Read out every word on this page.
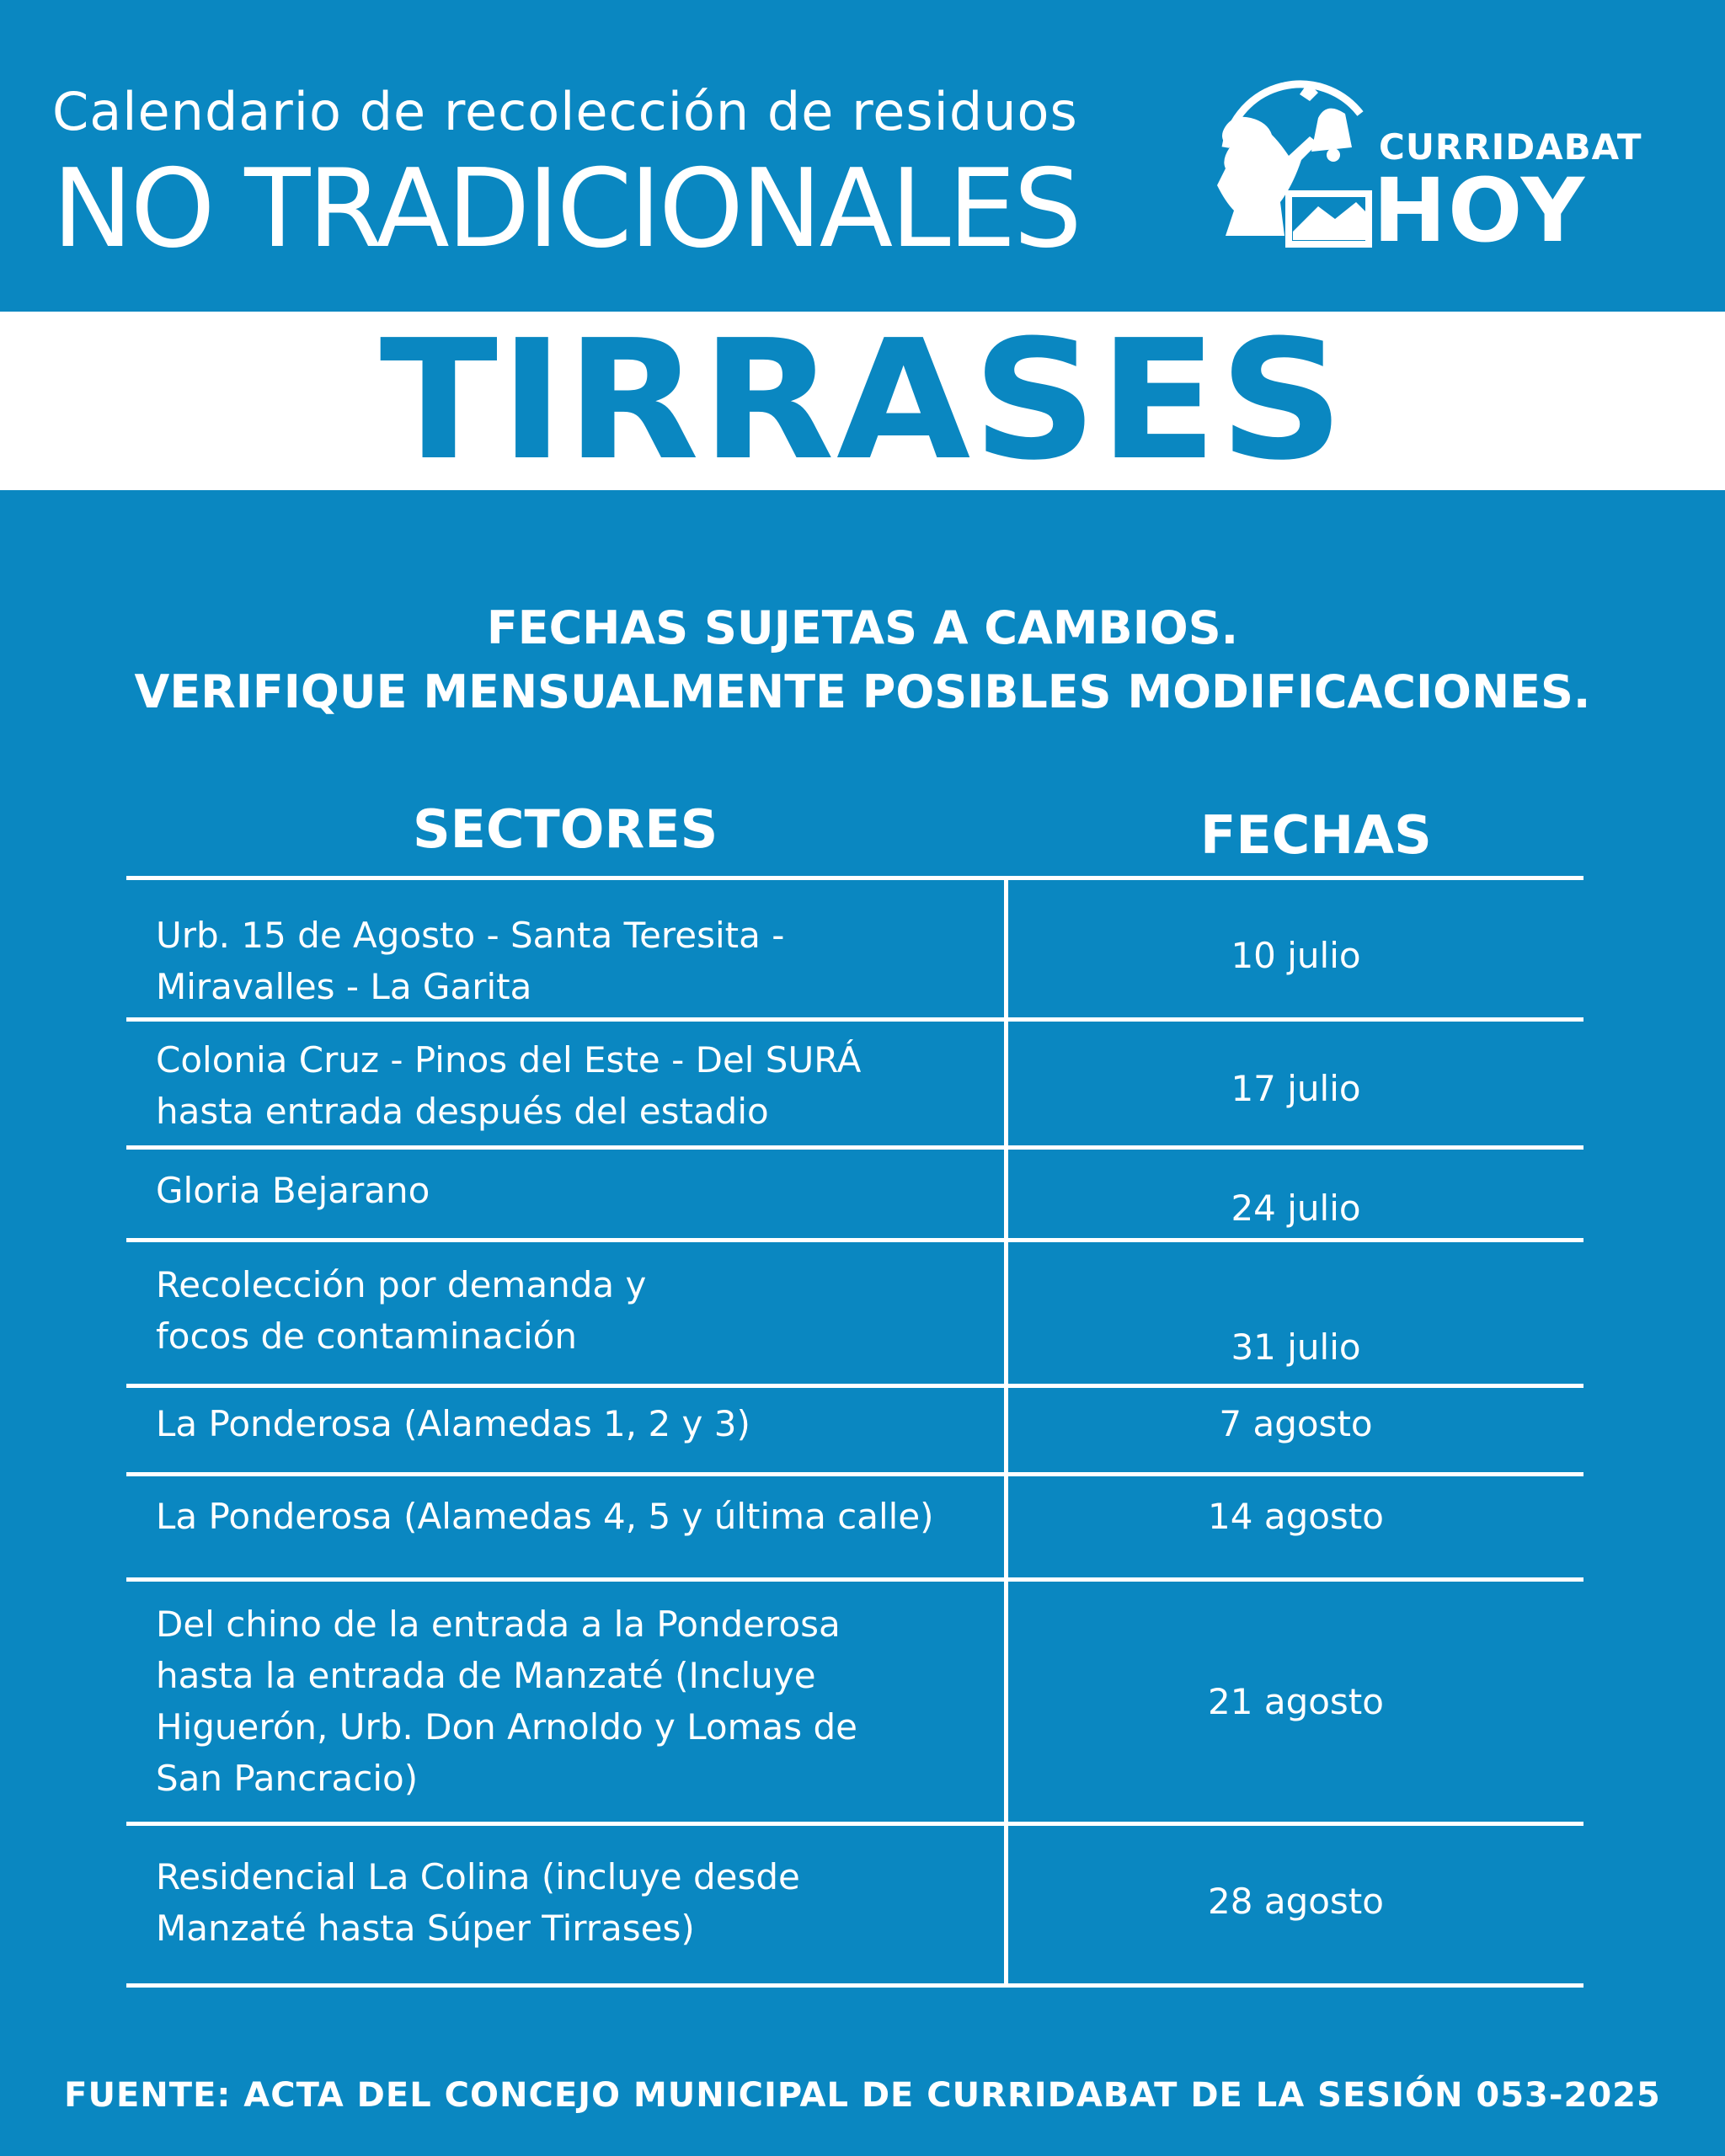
Calendario de recolección de residuos
NO TRADICIONALES	CURRIDABAT
HOY
TIRRASES
FECHAS SUJETAS A CAMBIOS.
VERIFIQUE MENSUALMENTE POSIBLES MODIFICACIONES.
SECTORES	FECHAS
Urb. 15 de Agosto - Santa Teresita -
Miravalles - La Garita
10 julio
Colonia Cruz - Pinos del Este - Del SURÁ
hasta entrada después del estadio
17 julio
Gloria Bejarano	24 julio
Recolección por demanda y
focos de contaminación	31 julio
La Ponderosa (Alamedas 1, 2 y 3)	7 agosto
La Ponderosa (Alamedas 4, 5 y última calle)	14 agosto
Del chino de la entrada a la Ponderosa
hasta la entrada de Manzaté (Incluye
Higuerón, Urb. Don Arnoldo y Lomas de
San Pancracio)
21 agosto
Residencial La Colina (incluye desde
Manzaté hasta Súper Tirrases)
28 agosto
FUENTE: ACTA DEL CONCEJO MUNICIPAL DE CURRIDABAT DE LA SESIÓN 053-2025
